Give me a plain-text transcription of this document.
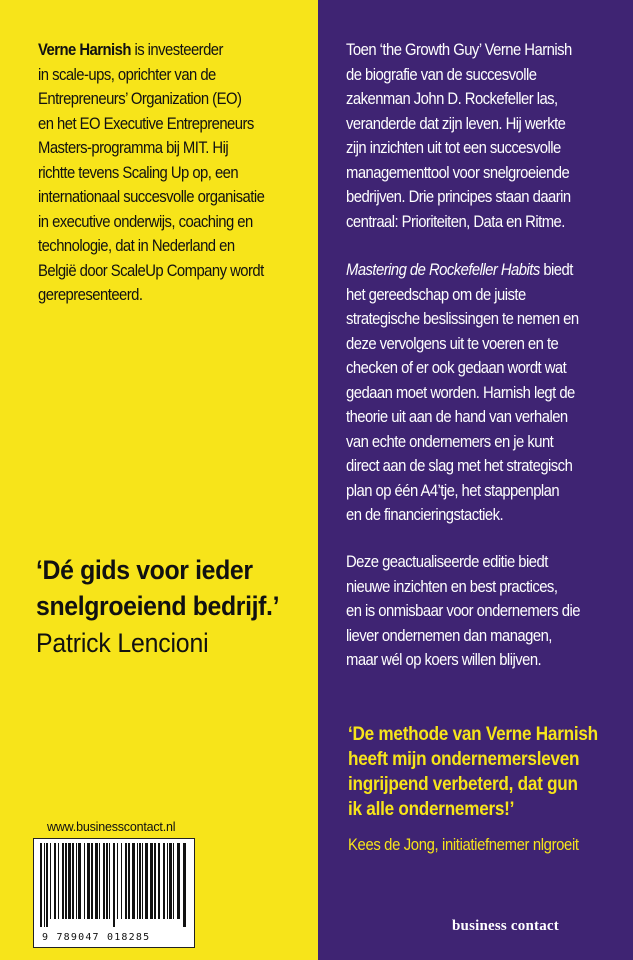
Verne Harnish is investeerder
in scale-ups, oprichter van de
Entrepreneurs’ Organization (EO)
en het EO Executive Entrepreneurs
Masters-programma bij MIT. Hij
richtte tevens Scaling Up op, een
internationaal succesvolle organisatie
in executive onderwijs, coaching en
technologie, dat in Nederland en
België door ScaleUp Company wordt
gerepresenteerd.
‘Dé gids voor ieder
snelgroeiend bedrijf.’
Patrick Lencioni
www.businesscontact.nl
9 789047 018285
Toen ‘the Growth Guy’ Verne Harnish
de biografie van de succesvolle
zakenman John D. Rockefeller las,
veranderde dat zijn leven. Hij werkte
zijn inzichten uit tot een succesvolle
managementtool voor snelgroeiende
bedrijven. Drie principes staan daarin
centraal: Prioriteiten, Data en Ritme.
Mastering de Rockefeller Habits biedt
het gereedschap om de juiste
strategische beslissingen te nemen en
deze vervolgens uit te voeren en te
checken of er ook gedaan wordt wat
gedaan moet worden. Harnish legt de
theorie uit aan de hand van verhalen
van echte ondernemers en je kunt
direct aan de slag met het strategisch
plan op één A4’tje, het stappenplan
en de financieringstactiek.
Deze geactualiseerde editie biedt
nieuwe inzichten en best practices,
en is onmisbaar voor ondernemers die
liever ondernemen dan managen,
maar wél op koers willen blijven.
‘De methode van Verne Harnish
heeft mijn ondernemersleven
ingrijpend verbeterd, dat gun
ik alle ondernemers!’
Kees de Jong, initiatiefnemer nlgroeit
business contact
